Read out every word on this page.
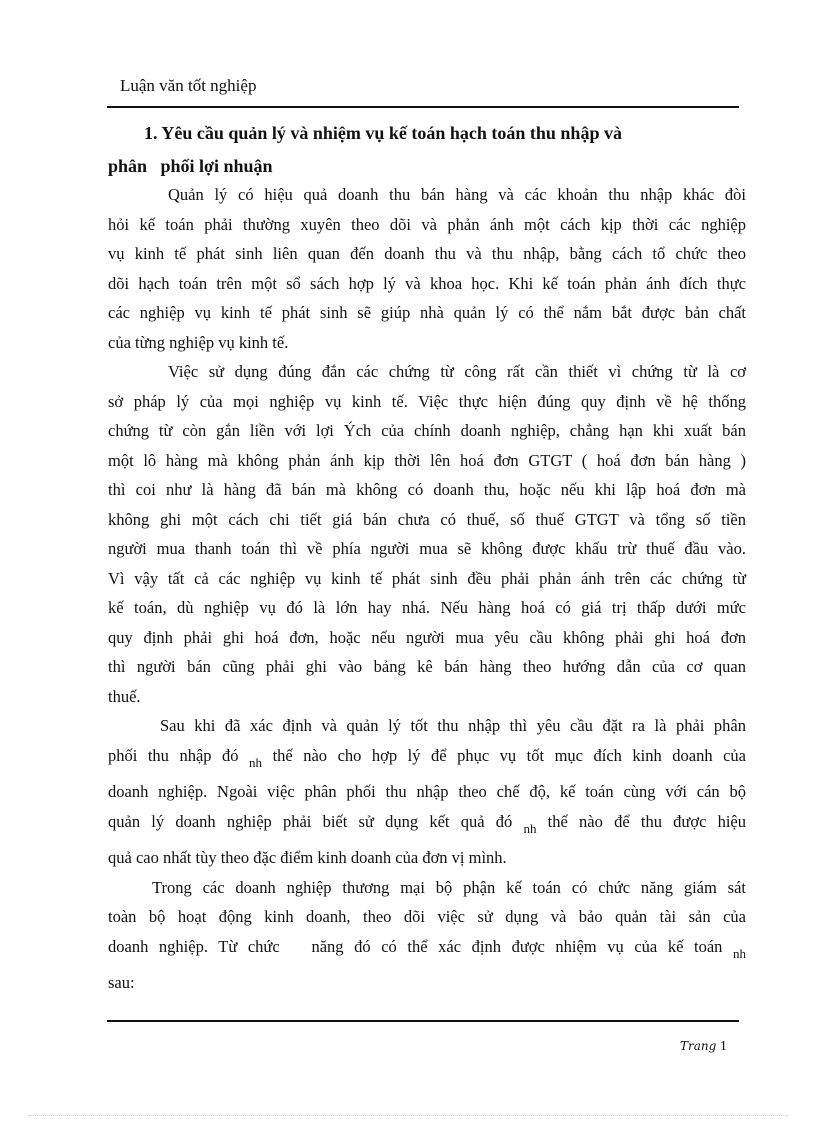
Luận văn tốt nghiệp
1. Yêu cầu quản lý và nhiệm vụ kế toán hạch toán thu nhập và
phân   phối lợi nhuận

Quản lý có hiệu quả doanh thu bán hàng và các khoản thu nhập khác đòi
hỏi kế toán phải thường xuyên theo dõi và phản ánh một cách kịp thời các nghiệp
vụ kinh tế phát sinh liên quan đến doanh thu và thu nhập, bằng cách tổ chức theo
dõi hạch toán trên một sổ sách hợp lý và khoa học. Khi kế toán phản ánh đích thực
các nghiệp vụ kinh tế phát sinh sẽ giúp nhà quản lý có thể nắm bắt được bản chất
của từng nghiệp vụ kinh tế.

Việc sử dụng đúng đắn các chứng từ công rất cần thiết vì chứng từ là cơ
sở pháp lý của mọi nghiệp vụ kinh tế. Việc thực hiện đúng quy định về hệ thống
chứng từ còn gắn liền với lợi Ých của chính doanh nghiệp, chẳng hạn khi xuất bán
một lô hàng mà không phản ánh kịp thời lên hoá đơn GTGT ( hoá đơn bán hàng )
thì coi như là hàng đã bán mà không có doanh thu, hoặc nếu khi lập hoá đơn mà
không ghi một cách chi tiết giá bán chưa có thuế, số thuế GTGT và tổng số tiền
người mua thanh toán thì về phía người mua sẽ không được khấu trừ thuế đầu vào.
Vì vậy tất cả các nghiệp vụ kinh tế phát sinh đều phải phản ánh trên các chứng từ
kế toán, dù nghiệp vụ đó là lớn hay nhá. Nếu hàng hoá có giá trị thấp dưới mức
quy định phải ghi hoá đơn, hoặc nếu người mua yêu cầu không phải ghi hoá đơn
thì người bán cũng phải ghi vào bảng kê bán hàng theo hướng dẫn của cơ quan
thuế.

Sau khi đã xác định và quản lý tốt thu nhập thì yêu cầu đặt ra là phải phân
phối thu nhập đó $_{nh}$ thế nào cho hợp lý để phục vụ tốt mục đích kinh doanh của
doanh nghiệp. Ngoài việc phân phối thu nhập theo chế độ, kế toán cùng với cán bộ
quản lý doanh nghiệp phải biết sử dụng kết quả đó $_{nh}$ thế nào để thu được hiệu
quả cao nhất tùy theo đặc điểm kinh doanh của đơn vị mình.

Trong các doanh nghiệp thương mại bộ phận kế toán có chức năng giám sát
toàn bộ hoạt động kinh doanh, theo dõi việc sử dụng và bảo quản tài sản của
doanh nghiệp. Từ chức   năng đó có thể xác định được nhiệm vụ của kế toán $_{nh}$
sau:

Trang 1
